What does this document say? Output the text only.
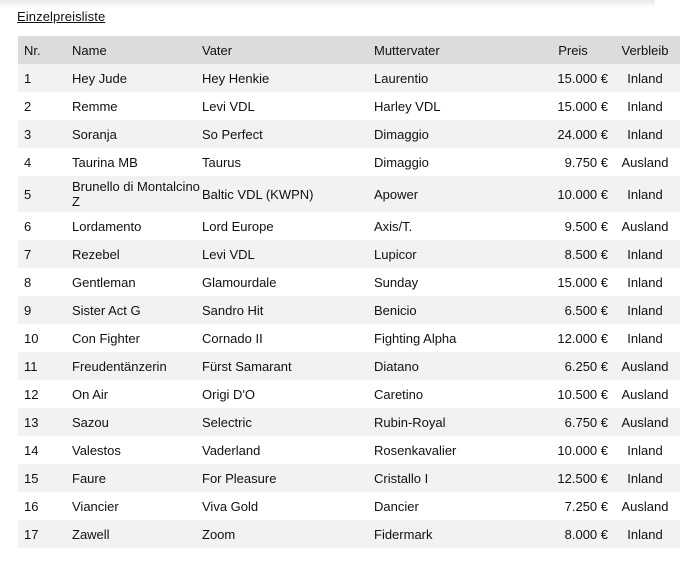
Einzelpreisliste
Nr.	Name	Vater	Muttervater	Preis	Verbleib
1	Hey Jude	Hey Henkie	Laurentio	15.000 €	Inland
2	Remme	Levi VDL	Harley VDL	15.000 €	Inland
3	Soranja	So Perfect	Dimaggio	24.000 €	Inland
4	Taurina MB	Taurus	Dimaggio	9.750 €	Ausland
5	Brunello di Montalcino Z	Baltic VDL (KWPN)	Apower	10.000 €	Inland
6	Lordamento	Lord Europe	Axis/T.	9.500 €	Ausland
7	Rezebel	Levi VDL	Lupicor	8.500 €	Inland
8	Gentleman	Glamourdale	Sunday	15.000 €	Inland
9	Sister Act G	Sandro Hit	Benicio	6.500 €	Inland
10	Con Fighter	Cornado II	Fighting Alpha	12.000 €	Inland
11	Freudentänzerin	Fürst Samarant	Diatano	6.250 €	Ausland
12	On Air	Origi D'O	Caretino	10.500 €	Ausland
13	Sazou	Selectric	Rubin-Royal	6.750 €	Ausland
14	Valestos	Vaderland	Rosenkavalier	10.000 €	Inland
15	Faure	For Pleasure	Cristallo I	12.500 €	Inland
16	Viancier	Viva Gold	Dancier	7.250 €	Ausland
17	Zawell	Zoom	Fidermark	8.000 €	Inland
